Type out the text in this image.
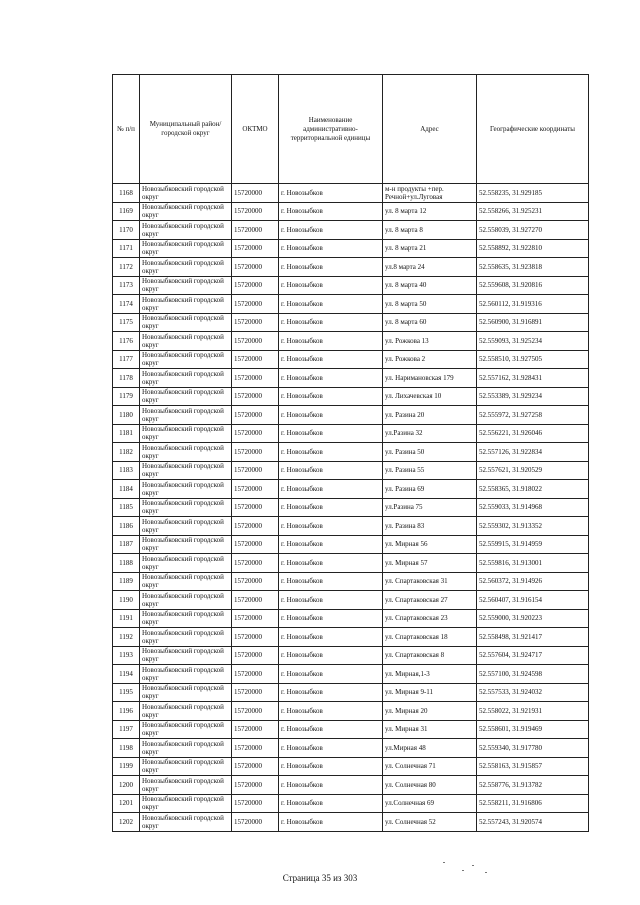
№ п/п	Муниципальный район/городской округ	ОКТМО	Наименование административно-территориальной единицы	Адрес	Географические координаты
1168	Новозыбковский городской округ	15720000	г. Новозыбков	м-н продукты +пер. Речной+ул.Луговая	52.558235, 31.929185
1169	Новозыбковский городской округ	15720000	г. Новозыбков	ул. 8 марта 12	52.558266, 31.925231
1170	Новозыбковский городской округ	15720000	г. Новозыбков	ул. 8 марта 8	52.558039, 31.927270
1171	Новозыбковский городской округ	15720000	г. Новозыбков	ул. 8 марта 21	52.558892, 31.922810
1172	Новозыбковский городской округ	15720000	г. Новозыбков	ул.8 марта 24	52.558635, 31.923818
1173	Новозыбковский городской округ	15720000	г. Новозыбков	ул. 8 марта 40	52.559608, 31.920816
1174	Новозыбковский городской округ	15720000	г. Новозыбков	ул. 8 марта 50	52.560112, 31.919316
1175	Новозыбковский городской округ	15720000	г. Новозыбков	ул. 8 марта 60	52.560900, 31.916891
1176	Новозыбковский городской округ	15720000	г. Новозыбков	ул. Рожкова 13	52.559093, 31.925234
1177	Новозыбковский городской округ	15720000	г. Новозыбков	ул. Рожкова 2	52.558510, 31.927505
1178	Новозыбковский городской округ	15720000	г. Новозыбков	ул. Наримановская 179	52.557162, 31.928431
1179	Новозыбковский городской округ	15720000	г. Новозыбков	ул. Лихачевская 10	52.553389, 31.929234
1180	Новозыбковский городской округ	15720000	г. Новозыбков	ул. Разина 20	52.555972, 31.927258
1181	Новозыбковский городской округ	15720000	г. Новозыбков	ул.Разина 32	52.556221, 31.926046
1182	Новозыбковский городской округ	15720000	г. Новозыбков	ул. Разина 50	52.557126, 31.922834
1183	Новозыбковский городской округ	15720000	г. Новозыбков	ул. Разина 55	52.557621, 31.920529
1184	Новозыбковский городской округ	15720000	г. Новозыбков	ул. Разина 69	52.558365, 31.918022
1185	Новозыбковский городской округ	15720000	г. Новозыбков	ул.Разина 75	52.559033, 31.914968
1186	Новозыбковский городской округ	15720000	г. Новозыбков	ул. Разина 83	52.559302, 31.913352
1187	Новозыбковский городской округ	15720000	г. Новозыбков	ул. Мирная 56	52.559915, 31.914959
1188	Новозыбковский городской округ	15720000	г. Новозыбков	ул. Мирная 57	52.559816, 31.913001
1189	Новозыбковский городской округ	15720000	г. Новозыбков	ул. Спартаковская 31	52.560372, 31.914926
1190	Новозыбковский городской округ	15720000	г. Новозыбков	ул. Спартаковская 27	52.560407, 31.916154
1191	Новозыбковский городской округ	15720000	г. Новозыбков	ул. Спартаковская 23	52.559000, 31.920223
1192	Новозыбковский городской округ	15720000	г. Новозыбков	ул. Спартаковская 18	52.558498, 31.921417
1193	Новозыбковский городской округ	15720000	г. Новозыбков	ул. Спартаковская 8	52.557604, 31.924717
1194	Новозыбковский городской округ	15720000	г. Новозыбков	ул. Мирная,1-3	52.557100, 31.924598
1195	Новозыбковский городской округ	15720000	г. Новозыбков	ул. Мирная 9-11	52.557533, 31.924032
1196	Новозыбковский городской округ	15720000	г. Новозыбков	ул. Мирная 20	52.558022, 31.921931
1197	Новозыбковский городской округ	15720000	г. Новозыбков	ул. Мирная 31	52.558601, 31.919469
1198	Новозыбковский городской округ	15720000	г. Новозыбков	ул.Мирная 48	52.559340, 31.917780
1199	Новозыбковский городской округ	15720000	г. Новозыбков	ул. Солнечная 71	52.558163, 31.915857
1200	Новозыбковский городской округ	15720000	г. Новозыбков	ул. Солнечная 80	52.558776, 31.913782
1201	Новозыбковский городской округ	15720000	г. Новозыбков	ул.Солнечная 69	52.558211, 31.916806
1202	Новозыбковский городской округ	15720000	г. Новозыбков	ул. Солнечная 52	52.557243, 31.920574
Страница 35 из 303
